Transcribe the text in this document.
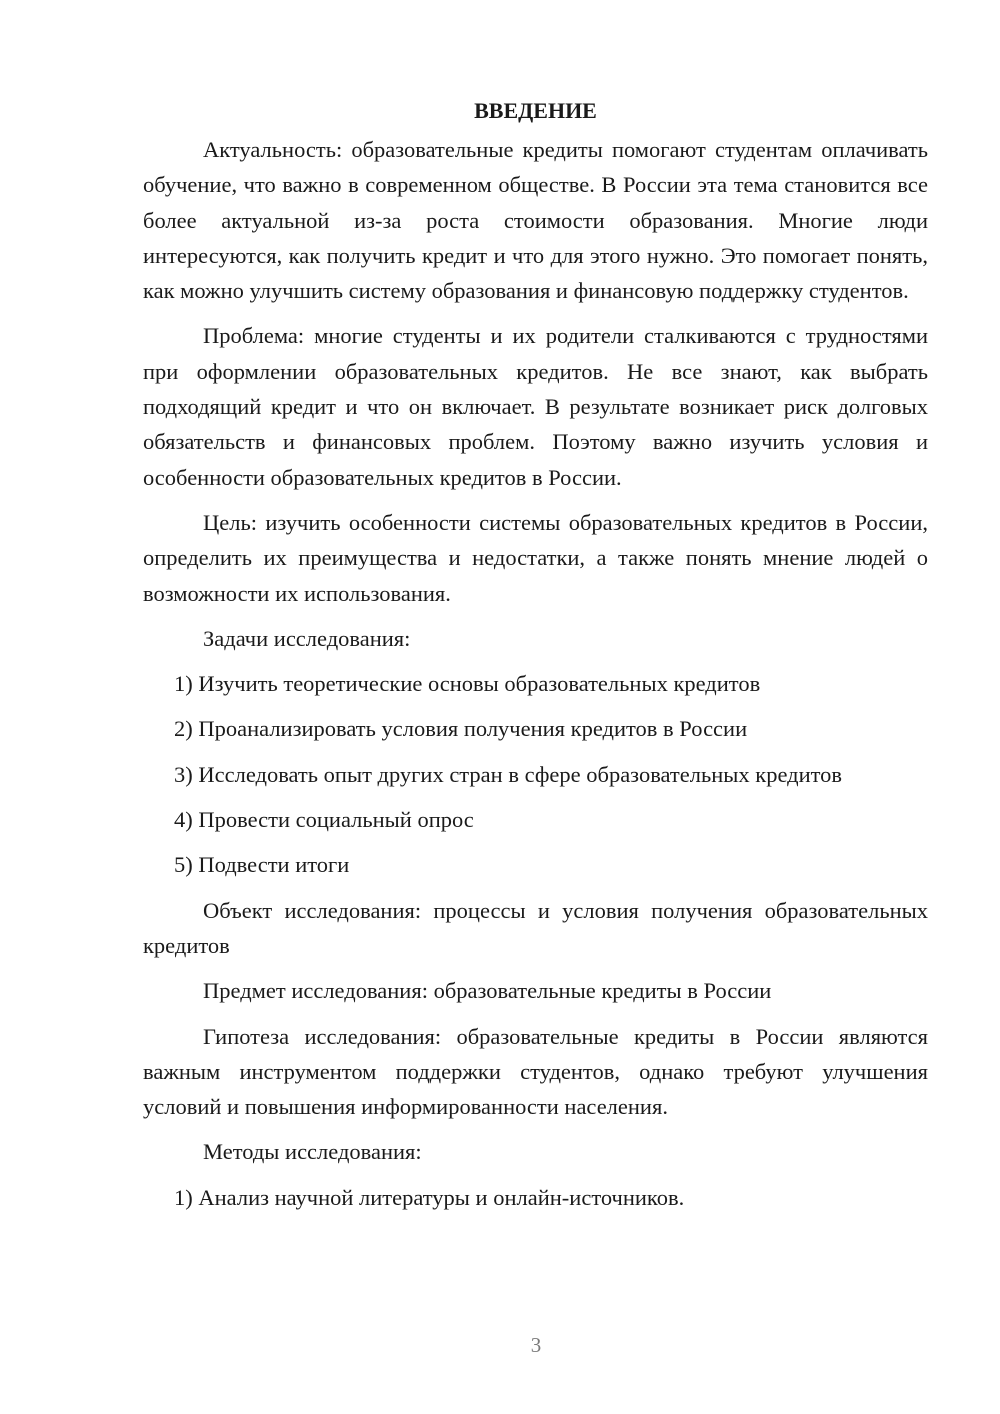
ВВЕДЕНИЕ

Актуальность: образовательные кредиты помогают студентам оплачивать обучение, что важно в современном обществе. В России эта тема становится все более актуальной из-за роста стоимости образования. Многие люди интересуются, как получить кредит и что для этого нужно. Это помогает понять, как можно улучшить систему образования и финансовую поддержку студентов.

Проблема: многие студенты и их родители сталкиваются с трудностями при оформлении образовательных кредитов. Не все знают, как выбрать подходящий кредит и что он включает. В результате возникает риск долговых обязательств и финансовых проблем. Поэтому важно изучить условия и особенности образовательных кредитов в России.

Цель: изучить особенности системы образовательных кредитов в России, определить их преимущества и недостатки, а также понять мнение людей о возможности их использования.

Задачи исследования:

1) Изучить теоретические основы образовательных кредитов

2) Проанализировать условия получения кредитов в России

3) Исследовать опыт других стран в сфере образовательных кредитов

4) Провести социальный опрос

5) Подвести итоги

Объект исследования: процессы и условия получения образовательных кредитов

Предмет исследования: образовательные кредиты в России

Гипотеза исследования: образовательные кредиты в России являются важным инструментом поддержки студентов, однако требуют улучшения условий и повышения информированности населения.

Методы исследования:

1) Анализ научной литературы и онлайн-источников.

3
